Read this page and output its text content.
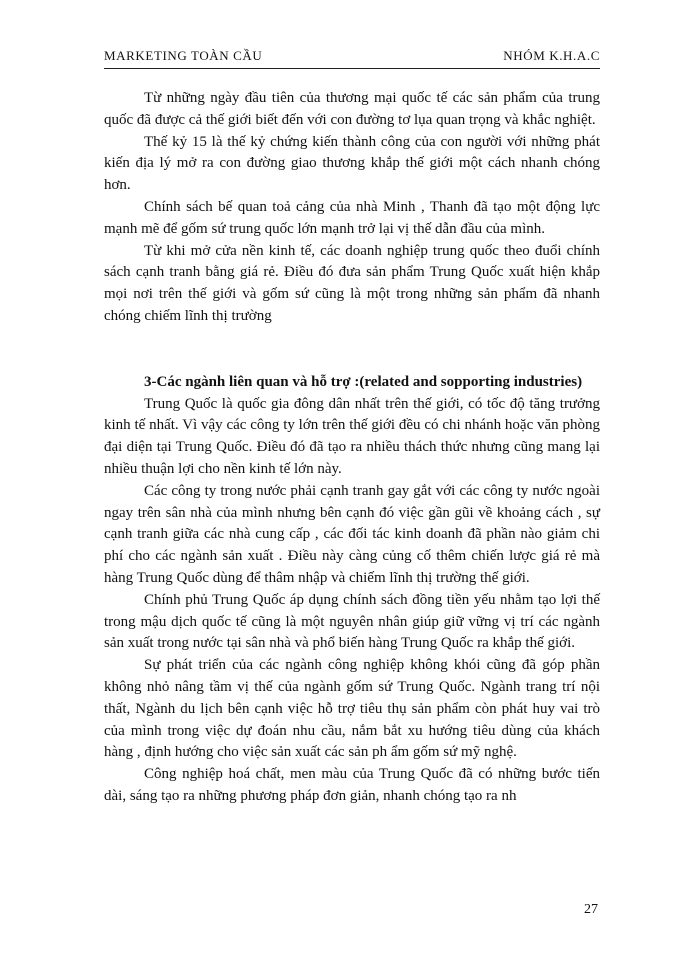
MARKETING TOÀN CẦU	NHÓM K.H.A.C

Từ những ngày đầu tiên của thương mại quốc tế các sản phẩm của trung quốc đã được cả thế giới biết đến với con đường tơ lụa quan trọng và khắc nghiệt.

Thế kỷ 15 là thế kỷ chứng kiến thành công của con người với những phát kiến địa lý mở ra con đường giao thương khắp thế giới một cách nhanh chóng hơn.

Chính sách bế quan toả cảng của nhà Minh , Thanh đã tạo một động lực mạnh mẽ để gốm sứ trung quốc lớn mạnh trở lại vị thế dẫn đầu của mình.

Từ khi mở cửa nền kinh tế, các doanh nghiệp trung quốc theo đuổi chính sách cạnh tranh bằng giá rẻ. Điều đó đưa sản phẩm Trung Quốc xuất hiện khắp mọi nơi trên thế giới và gốm sứ cũng là một trong những sản phẩm đã nhanh chóng chiếm lĩnh thị trường

3-Các ngành liên quan và hỗ trợ :(related and sopporting industries)

Trung Quốc là quốc gia đông dân nhất trên thế giới, có tốc độ tăng trưởng kinh tế nhất. Vì vậy các công ty lớn trên thế giới đều có chi nhánh hoặc văn phòng đại diện tại Trung Quốc. Điều đó đã tạo ra nhiều thách thức nhưng cũng mang lại nhiều thuận lợi cho nền kinh tế lớn này.

Các công ty trong nước phải cạnh tranh gay gắt với các công ty nước ngoài ngay trên sân nhà của mình nhưng bên cạnh đó việc gần gũi về khoảng cách , sự cạnh tranh giữa các nhà cung cấp , các đối tác kinh doanh đã phần nào giảm chi phí cho các ngành sản xuất . Điều này càng củng cố thêm chiến lược giá rẻ mà hàng Trung Quốc dùng để thâm nhập và chiếm lĩnh thị trường thế giới.

Chính phủ Trung Quốc áp dụng chính sách đồng tiền yếu nhằm tạo lợi thế trong mậu dịch quốc tế cũng là một nguyên nhân giúp giữ vững vị trí các ngành sản xuất trong nước tại sân nhà và phổ biến hàng Trung Quốc ra khắp thế giới.

Sự phát triển của các ngành công nghiệp không khói cũng đã góp phần không nhỏ nâng tầm vị thế của ngành gốm sứ Trung Quốc. Ngành trang trí nội thất, Ngành du lịch bên cạnh việc hỗ trợ tiêu thụ sản phẩm còn phát huy vai trò của mình trong việc dự đoán nhu cầu, nắm bắt xu hướng tiêu dùng của khách hàng , định hướng cho việc sản xuất các sản ph ẩm gốm sứ mỹ nghệ.

Công nghiệp hoá chất, men màu của Trung Quốc đã có những bước tiến dài, sáng tạo ra những phương pháp đơn giản, nhanh chóng tạo ra nh

27
